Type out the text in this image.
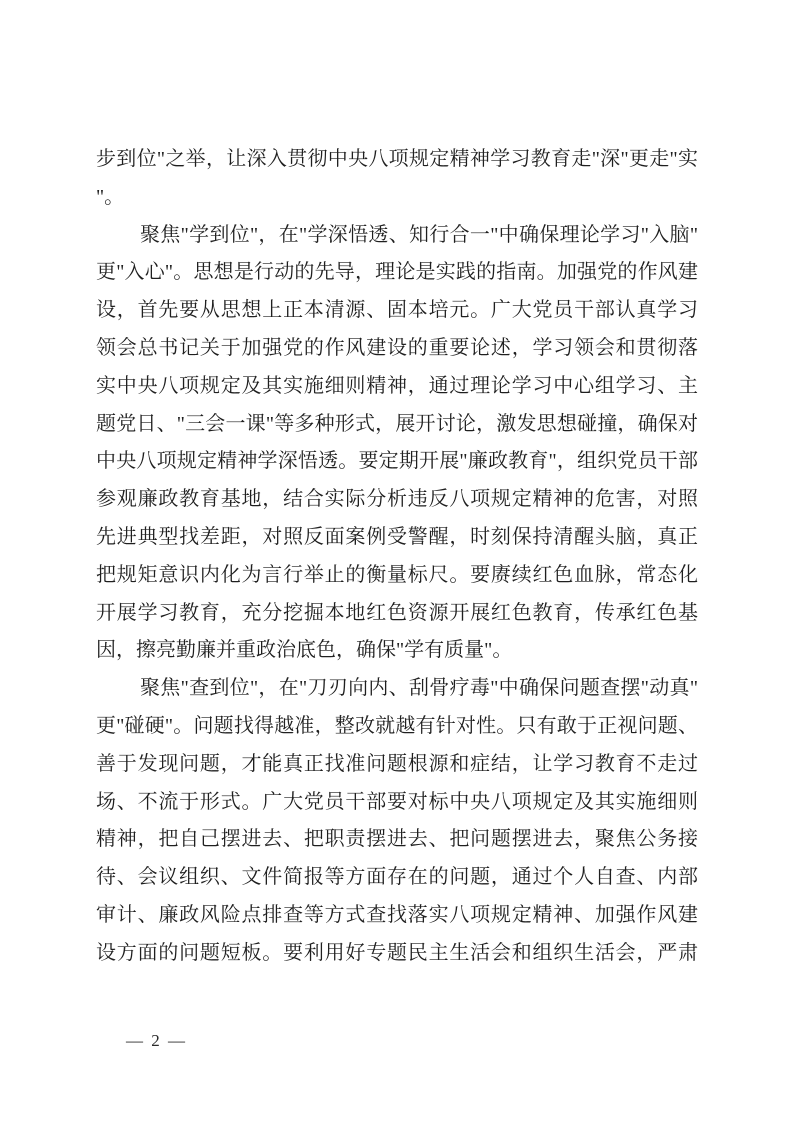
步到位"之举，让深入贯彻中央八项规定精神学习教育走"深"更走"实
"。
聚焦"学到位"，在"学深悟透、知行合一"中确保理论学习"入脑"
更"入心"。思想是行动的先导，理论是实践的指南。加强党的作风建
设，首先要从思想上正本清源、固本培元。广大党员干部认真学习
领会总书记关于加强党的作风建设的重要论述，学习领会和贯彻落
实中央八项规定及其实施细则精神，通过理论学习中心组学习、主
题党日、"三会一课"等多种形式，展开讨论，激发思想碰撞，确保对
中央八项规定精神学深悟透。要定期开展"廉政教育"，组织党员干部
参观廉政教育基地，结合实际分析违反八项规定精神的危害，对照
先进典型找差距，对照反面案例受警醒，时刻保持清醒头脑，真正
把规矩意识内化为言行举止的衡量标尺。要赓续红色血脉，常态化
开展学习教育，充分挖掘本地红色资源开展红色教育，传承红色基
因，擦亮勤廉并重政治底色，确保"学有质量"。
聚焦"查到位"，在"刀刃向内、刮骨疗毒"中确保问题查摆"动真"
更"碰硬"。问题找得越准，整改就越有针对性。只有敢于正视问题、
善于发现问题，才能真正找准问题根源和症结，让学习教育不走过
场、不流于形式。广大党员干部要对标中央八项规定及其实施细则
精神，把自己摆进去、把职责摆进去、把问题摆进去，聚焦公务接
待、会议组织、文件简报等方面存在的问题，通过个人自查、内部
审计、廉政风险点排查等方式查找落实八项规定精神、加强作风建
设方面的问题短板。要利用好专题民主生活会和组织生活会，严肃
— 2 —
